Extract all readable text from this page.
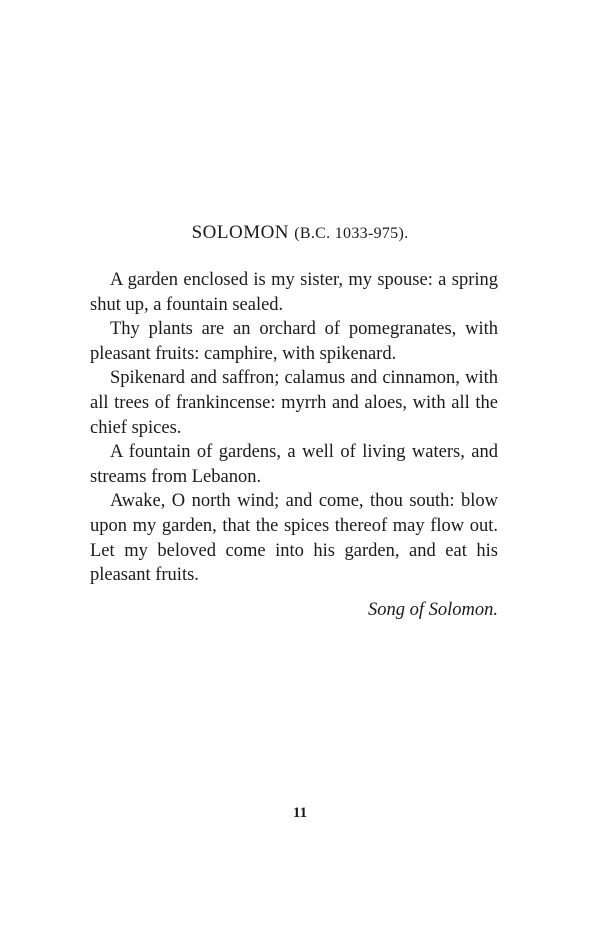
SOLOMON (B.C. 1033-975).

A garden enclosed is my sister, my spouse: a spring shut up, a fountain sealed.

Thy plants are an orchard of pomegranates, with pleasant fruits: camphire, with spikenard.

Spikenard and saffron; calamus and cinnamon, with all trees of frankincense: myrrh and aloes, with all the chief spices.

A fountain of gardens, a well of living waters, and streams from Lebanon.

Awake, O north wind; and come, thou south: blow upon my garden, that the spices thereof may flow out. Let my beloved come into his garden, and eat his pleasant fruits.

Song of Solomon.
11
